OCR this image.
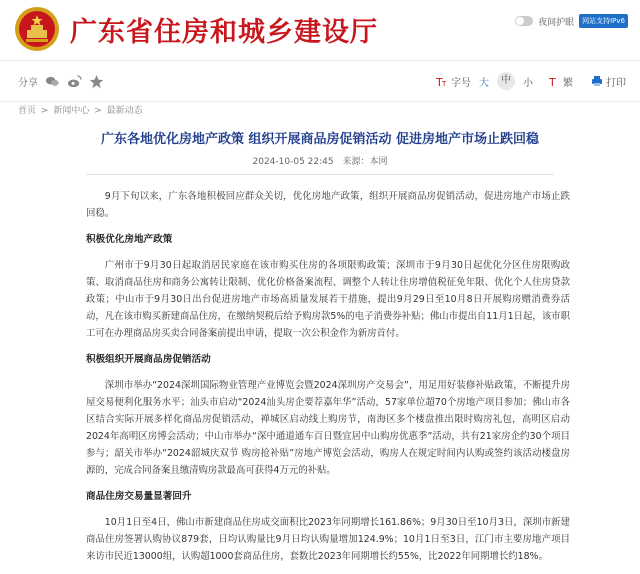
广东省住房和城乡建设厅	夜间护眼	网站支持IPv6
分享	T T 字号 大	中	小 T 繁	打印
首页 > 新闻中心 > 最新动态
广东各地优化房地产政策 组织开展商品房促销活动 促进房地产市场止跌回稳
2024-10-05 22:45 来源：本网

9月下旬以来，广东各地积极回应群众关切，优化房地产政策，组织开展商品房促销活动，促进房地产市场止跌回稳。

积极优化房地产政策

广州市于9月30日起取消居民家庭在该市购买住房的各项限购政策；深圳市于9月30日起优化分区住房限购政策、取消商品住房和商务公寓转让限制、优化价格备案流程、调整个人转让住房增值税征免年限、优化个人住房贷款政策；中山市于9月30日出台促进房地产市场高质量发展若干措施，提出9月29日至10月8日开展购房赠消费券活动，凡在该市购买新建商品住房，在缴纳契税后给予购房款5%的电子消费券补贴；佛山市提出自11月1日起，该市职工可在办理商品房买卖合同备案前提出申请，提取一次公积金作为新房首付。

积极组织开展商品房促销活动

深圳市举办“2024深圳国际物业管理产业博览会暨2024深圳房产交易会”，用足用好装修补贴政策，不断提升房屋交易便利化服务水平；汕头市启动“2024汕头房企要荐嘉年华”活动，57家单位超70个房地产项目参加；佛山市各区结合实际开展多样化商品房促销活动，禅城区启动线上购房节，南海区多个楼盘推出限时购房礼包，高明区启动2024年高明区房博会活动；中山市举办“深中通道通车百日暨宜居中山购房优惠季”活动，共有21家房企约30个项目参与；韶关市举办“2024韶城庆双节 购房抢补贴”房地产博览会活动，购房人在规定时间内认购或签约该活动楼盘房源的，完成合同备案且缴清购房款最高可获得4万元的补贴。

商品住房交易量显著回升

10月1日至4日，佛山市新建商品住房成交面积比2023年同期增长161.86%；9月30日至10月3日，深圳市新建商品住房签署认购协议879套，日均认购量比9月日均认购量增加124.9%；10月1日至3日，江门市主要房地产项目来访市民近13000组，认购超1000套商品住房，套数比2023年同期增长约55%，比2022年同期增长约18%。
